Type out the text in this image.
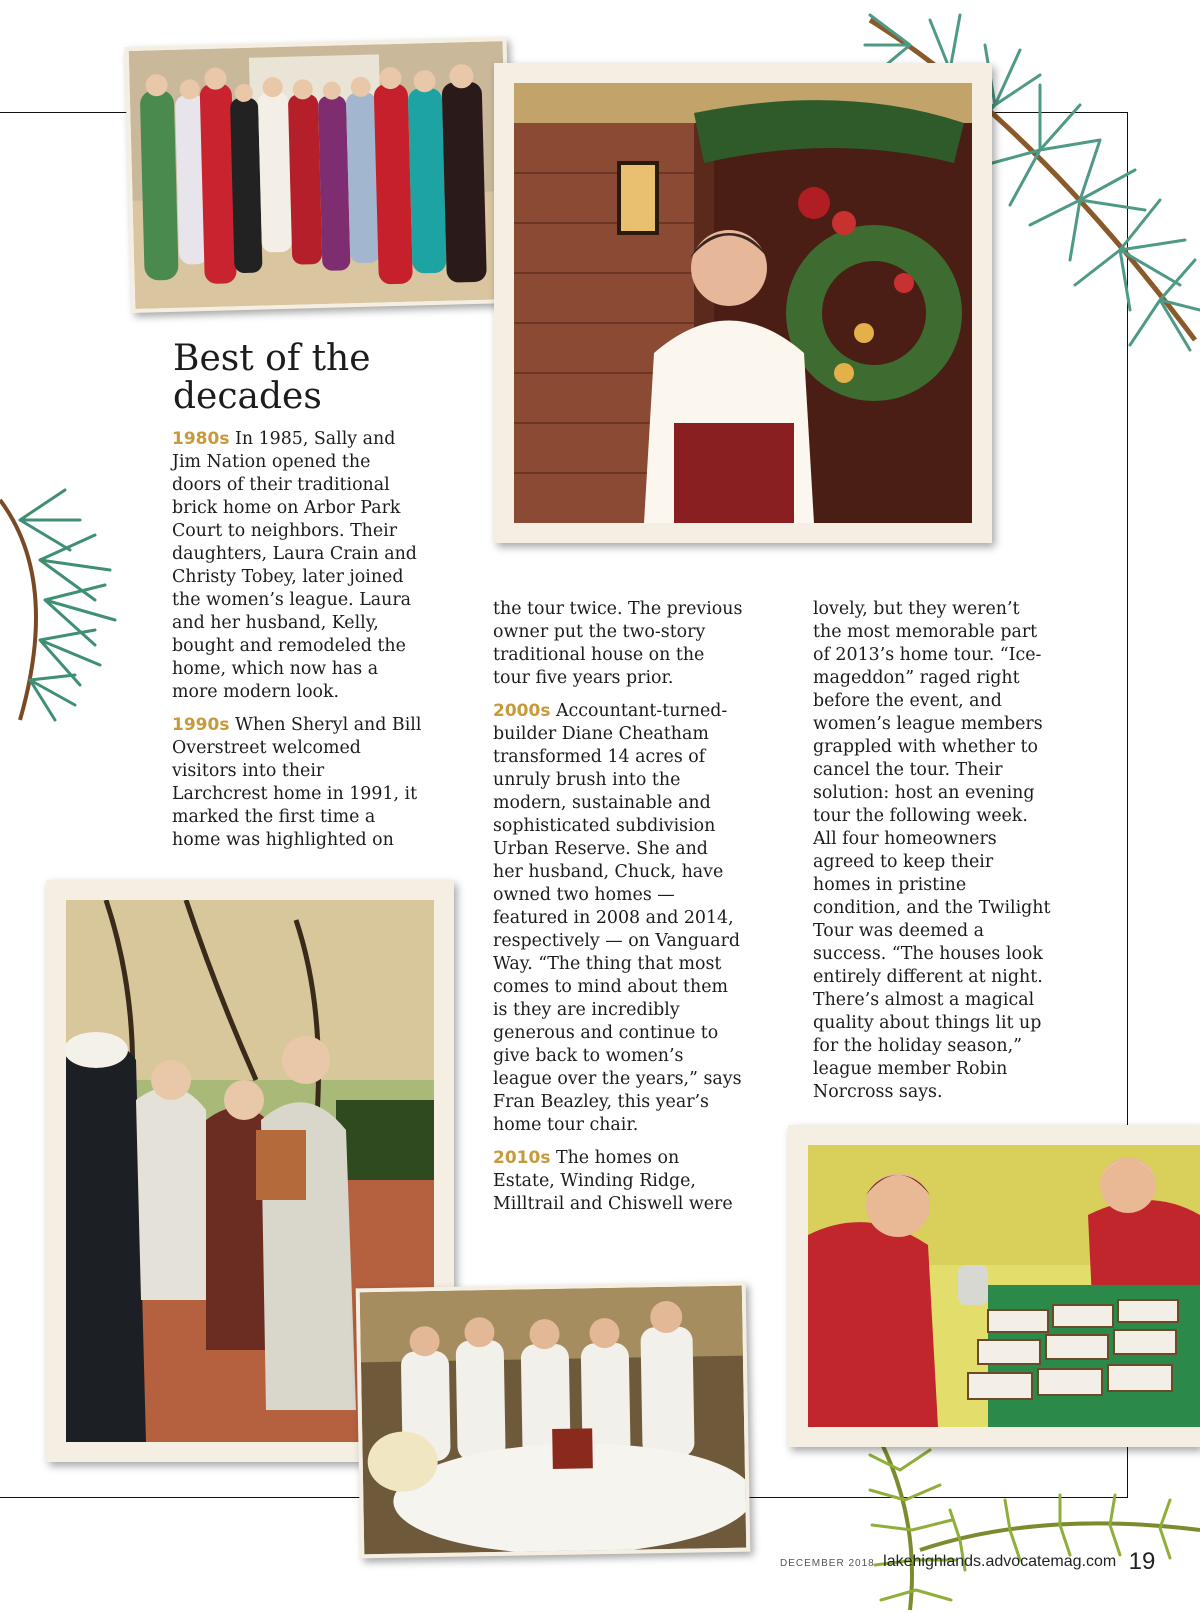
Best of the
decades

1980s In 1985, Sally and Jim Nation opened the doors of their traditional brick home on Arbor Park Court to neighbors. Their daughters, Laura Crain and Christy Tobey, later joined the women’s league. Laura and her husband, Kelly, bought and remodeled the home, which now has a more modern look.

1990s When Sheryl and Bill Overstreet welcomed visitors into their Larchcrest home in 1991, it marked the first time a home was highlighted on

the tour twice. The previous owner put the two-story traditional house on the tour five years prior.

2000s Accountant-turned-builder Diane Cheatham transformed 14 acres of unruly brush into the modern, sustainable and sophisticated subdivision Urban Reserve. She and her husband, Chuck, have owned two homes — featured in 2008 and 2014, respectively — on Vanguard Way. “The thing that most comes to mind about them is they are incredibly generous and continue to give back to women’s league over the years,” says Fran Beazley, this year’s home tour chair.

2010s The homes on Estate, Winding Ridge, Milltrail and Chiswell were

lovely, but they weren’t the most memorable part of 2013’s home tour. “Ice-mageddon” raged right before the event, and women’s league members grappled with whether to cancel the tour. Their solution: host an evening tour the following week. All four homeowners agreed to keep their homes in pristine condition, and the Twilight Tour was deemed a success. “The houses look entirely different at night. There’s almost a magical quality about things lit up for the holiday season,” league member Robin Norcross says.

DECEMBER 2018 lakehighlands.advocatemag.com 19
